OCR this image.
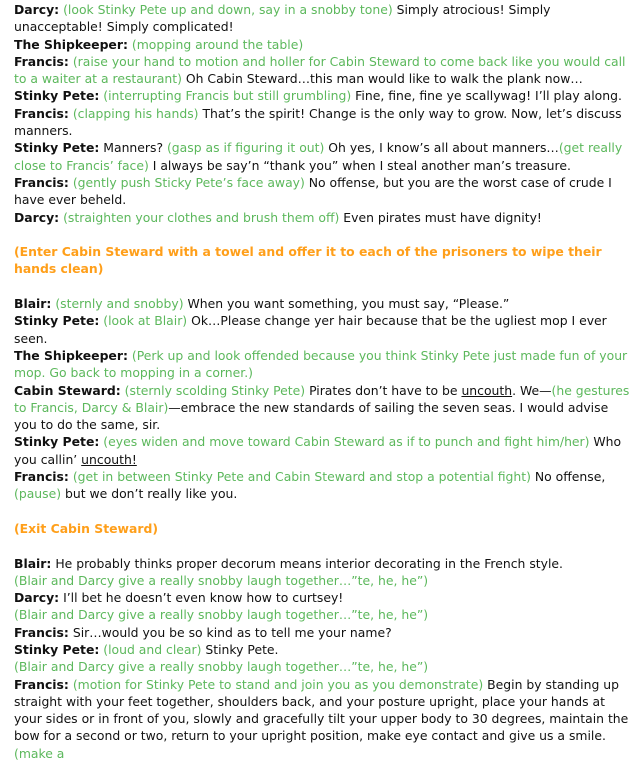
Darcy: (look Stinky Pete up and down, say in a snobby tone) Simply atrocious! Simply unacceptable! Simply complicated!
The Shipkeeper: (mopping around the table)
Francis: (raise your hand to motion and holler for Cabin Steward to come back like you would call to a waiter at a restaurant) Oh Cabin Steward…this man would like to walk the plank now…
Stinky Pete: (interrupting Francis but still grumbling) Fine, fine, fine ye scallywag! I’ll play along.
Francis: (clapping his hands) That’s the spirit! Change is the only way to grow. Now, let’s discuss manners.
Stinky Pete: Manners? (gasp as if figuring it out) Oh yes, I know’s all about manners…(get really close to Francis’ face) I always be say’n “thank you” when I steal another man’s treasure.
Francis: (gently push Sticky Pete’s face away) No offense, but you are the worst case of crude I have ever beheld.
Darcy: (straighten your clothes and brush them off) Even pirates must have dignity!
(Enter Cabin Steward with a towel and offer it to each of the prisoners to wipe their hands clean)
Blair: (sternly and snobby) When you want something, you must say, “Please.”
Stinky Pete: (look at Blair) Ok…Please change yer hair because that be the ugliest mop I ever seen.
The Shipkeeper: (Perk up and look offended because you think Stinky Pete just made fun of your mop. Go back to mopping in a corner.)
Cabin Steward: (sternly scolding Stinky Pete) Pirates don’t have to be uncouth. We—(he gestures to Francis, Darcy & Blair)—embrace the new standards of sailing the seven seas. I would advise you to do the same, sir.
Stinky Pete: (eyes widen and move toward Cabin Steward as if to punch and fight him/her) Who you callin’ uncouth!
Francis: (get in between Stinky Pete and Cabin Steward and stop a potential fight) No offense, (pause) but we don’t really like you.
(Exit Cabin Steward)
Blair: He probably thinks proper decorum means interior decorating in the French style.
(Blair and Darcy give a really snobby laugh together…”te, he, he”)
Darcy: I’ll bet he doesn’t even know how to curtsey!
(Blair and Darcy give a really snobby laugh together…”te, he, he”)
Francis: Sir…would you be so kind as to tell me your name?
Stinky Pete: (loud and clear) Stinky Pete.
(Blair and Darcy give a really snobby laugh together…”te, he, he”)
Francis: (motion for Stinky Pete to stand and join you as you demonstrate) Begin by standing up straight with your feet together, shoulders back, and your posture upright, place your hands at your sides or in front of you, slowly and gracefully tilt your upper body to 30 degrees, maintain the bow for a second or two, return to your upright position, make eye contact and give us a smile. (make a
